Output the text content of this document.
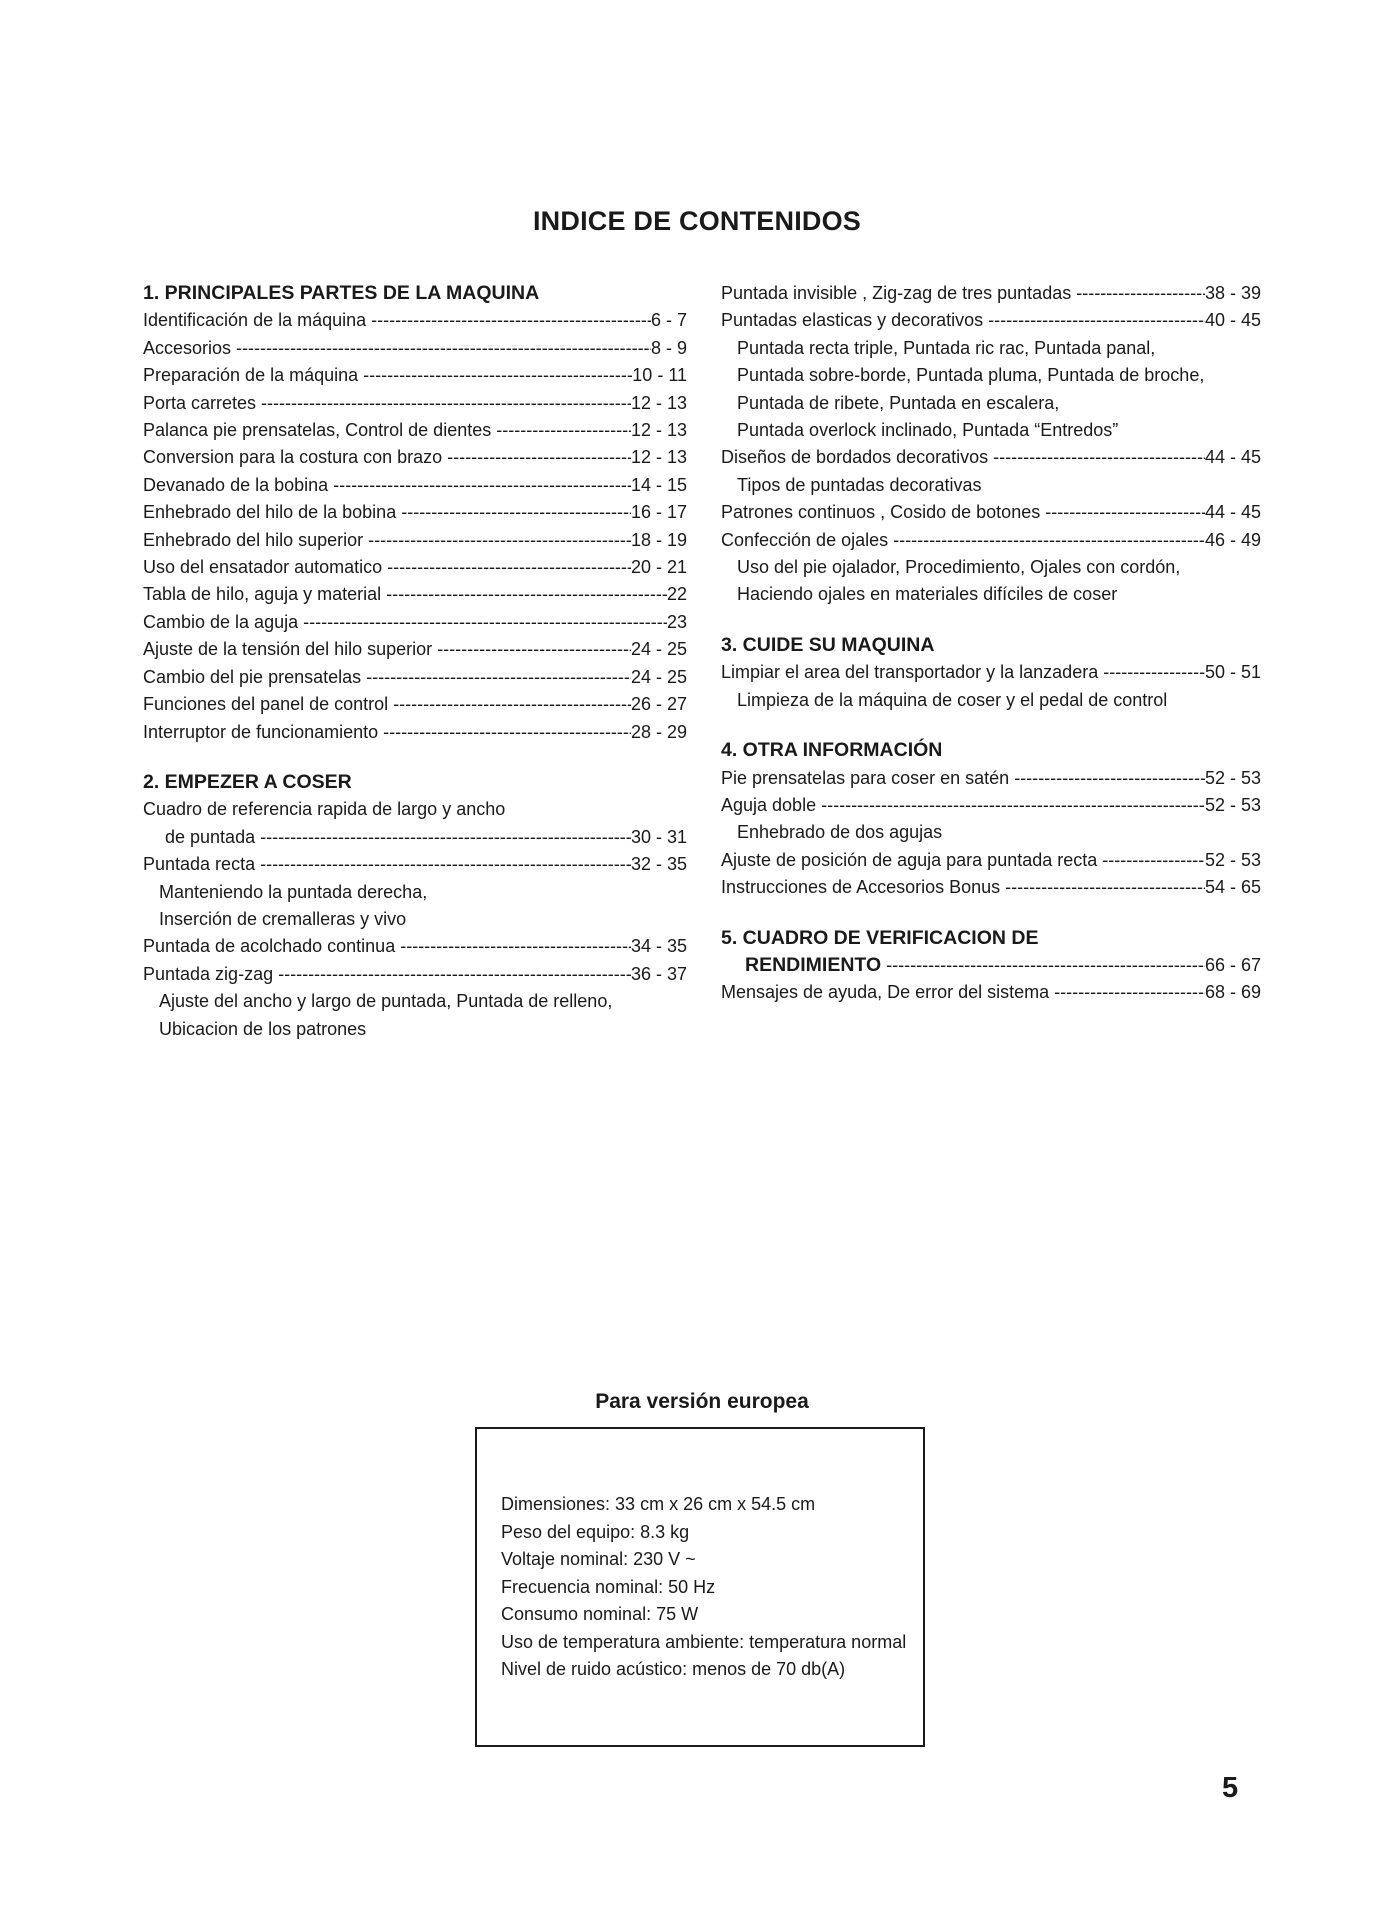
INDICE DE CONTENIDOS
1. PRINCIPALES PARTES DE LA MAQUINA
Identificación de la máquina -----	6 - 7
Accesorios -----	8 - 9
Preparación de la máquina -----	10 - 11
Porta carretes -----	12 - 13
Palanca pie prensatelas, Control de dientes -----	12 - 13
Conversion para la costura con brazo -----	12 - 13
Devanado de la bobina -----	14 - 15
Enhebrado del hilo de la bobina -----	16 - 17
Enhebrado del hilo superior -----	18 - 19
Uso del ensatador automatico -----	20 - 21
Tabla de hilo, aguja y material -----	22
Cambio de la aguja -----	23
Ajuste de la tensión del hilo superior -----	24 - 25
Cambio del pie prensatelas -----	24 - 25
Funciones del panel de control -----	26 - 27
Interruptor de funcionamiento -----	28 - 29
2. EMPEZER A COSER
Cuadro de referencia rapida de largo y ancho
de puntada -----	30 - 31
Puntada recta -----	32 - 35
Manteniendo la puntada derecha,
Inserción de cremalleras y vivo
Puntada de acolchado continua -----	34 - 35
Puntada zig-zag -----	36 - 37
Ajuste del ancho y largo de puntada, Puntada de relleno,
Ubicacion de los patrones
Puntada invisible , Zig-zag de tres puntadas -----	38 - 39
Puntadas elasticas y decorativos -----	40 - 45
Puntada recta triple, Puntada ric rac, Puntada panal,
Puntada sobre-borde, Puntada pluma, Puntada de broche,
Puntada de ribete, Puntada en escalera,
Puntada overlock inclinado, Puntada “Entredos”
Diseños de bordados decorativos -----	44 - 45
Tipos de puntadas decorativas
Patrones continuos , Cosido de botones -----	44 - 45
Confección de ojales -----	46 - 49
Uso del pie ojalador, Procedimiento, Ojales con cordón,
Haciendo ojales en materiales difíciles de coser
3. CUIDE SU MAQUINA
Limpiar el area del transportador y la lanzadera -----	50 - 51
Limpieza de la máquina de coser y el pedal de control
4. OTRA INFORMACIÓN
Pie prensatelas para coser en satén -----	52 - 53
Aguja doble -----	52 - 53
Enhebrado de dos agujas
Ajuste de posición de aguja para puntada recta -----	52 - 53
Instrucciones de Accesorios Bonus -----	54 - 65
5. CUADRO DE VERIFICACION DE
RENDIMIENTO -----	66 - 67
Mensajes de ayuda, De error del sistema -----	68 - 69
Para versión europea
Dimensiones: 33 cm x 26 cm x 54.5 cm
Peso del equipo: 8.3 kg
Voltaje nominal: 230 V ~
Frecuencia nominal: 50 Hz
Consumo nominal: 75 W
Uso de temperatura ambiente: temperatura normal
Nivel de ruido acústico: menos de 70 db(A)
5
